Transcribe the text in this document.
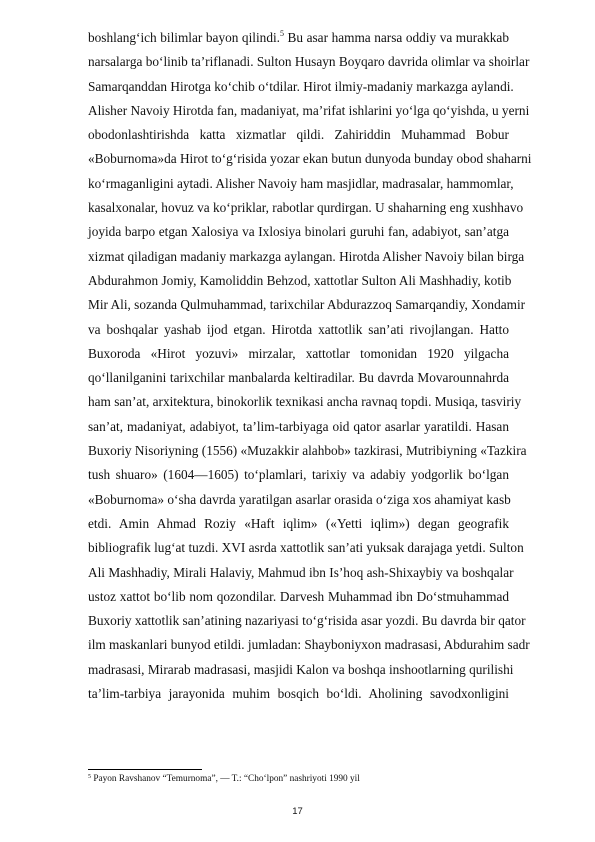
boshlang‘ich bilimlar bayon qilindi.$^5$ Bu asar hamma narsa oddiy va murakkab
narsalarga bo‘linib ta’riflanadi. Sulton Husayn Boyqaro davrida olimlar va shoirlar
Samarqanddan Hirotga ko‘chib o‘tdilar. Hirot ilmiy-madaniy markazga aylandi.
Alisher Navoiy Hirotda fan, madaniyat, ma’rifat ishlarini yo‘lga qo‘yishda, u yerni
obodonlashtirishda katta xizmatlar qildi. Zahiriddin Muhammad Bobur
«Boburnoma»da Hirot to‘g‘risida yozar ekan butun dunyoda bunday obod shaharni
ko‘rmaganligini aytadi. Alisher Navoiy ham masjidlar, madrasalar, hammomlar,
kasalxonalar, hovuz va ko‘priklar, rabotlar qurdirgan. U shaharning eng xushhavo
joyida barpo etgan Xalosiya va Ixlosiya binolari guruhi fan, adabiyot, san’atga
xizmat qiladigan madaniy markazga aylangan. Hirotda Alisher Navoiy bilan birga
Abdurahmon Jomiy, Kamoliddin Behzod, xattotlar Sulton Ali Mashhadiy, kotib
Mir Ali, sozanda Qulmuhammad, tarixchilar Abdurazzoq Samarqandiy, Xondamir
va boshqalar yashab ijod etgan. Hirotda xattotlik san’ati rivojlangan. Hatto
Buxoroda «Hirot yozuvi» mirzalar, xattotlar tomonidan 1920 yilgacha
qo‘llanilganini tarixchilar manbalarda keltiradilar. Bu davrda Movarounnahrda
ham san’at, arxitektura, binokorlik texnikasi ancha ravnaq topdi. Musiqa, tasviriy
san’at, madaniyat, adabiyot, ta’lim-tarbiyaga oid qator asarlar yaratildi. Hasan
Buxoriy Nisoriyning (1556) «Muzakkir alahbob» tazkirasi, Mutribiyning «Tazkira
tush shuaro» (1604—1605) to‘plamlari, tarixiy va adabiy yodgorlik bo‘lgan
«Boburnoma» o‘sha davrda yaratilgan asarlar orasida o‘ziga xos ahamiyat kasb
etdi. Amin Ahmad Roziy «Haft iqlim» («Yetti iqlim») degan geografik
bibliografik lug‘at tuzdi. XVI asrda xattotlik san’ati yuksak darajaga yetdi. Sulton
Ali Mashhadiy, Mirali Halaviy, Mahmud ibn Is’hoq ash-Shixaybiy va boshqalar
ustoz xattot bo‘lib nom qozondilar. Darvesh Muhammad ibn Do‘stmuhammad
Buxoriy xattotlik san’atining nazariyasi to‘g‘risida asar yozdi. Bu davrda bir qator
ilm maskanlari bunyod etildi. jumladan: Shayboniyxon madrasasi, Abdurahim sadr
madrasasi, Mirarab madrasasi, masjidi Kalon va boshqa inshootlarning qurilishi
ta’lim-tarbiya jarayonida muhim bosqich bo‘ldi. Aholining savodxonligini
$^5$ Payon Ravshanov “Temurnoma”, — T.: “Cho‘lpon” nashriyoti 1990 yil
17
